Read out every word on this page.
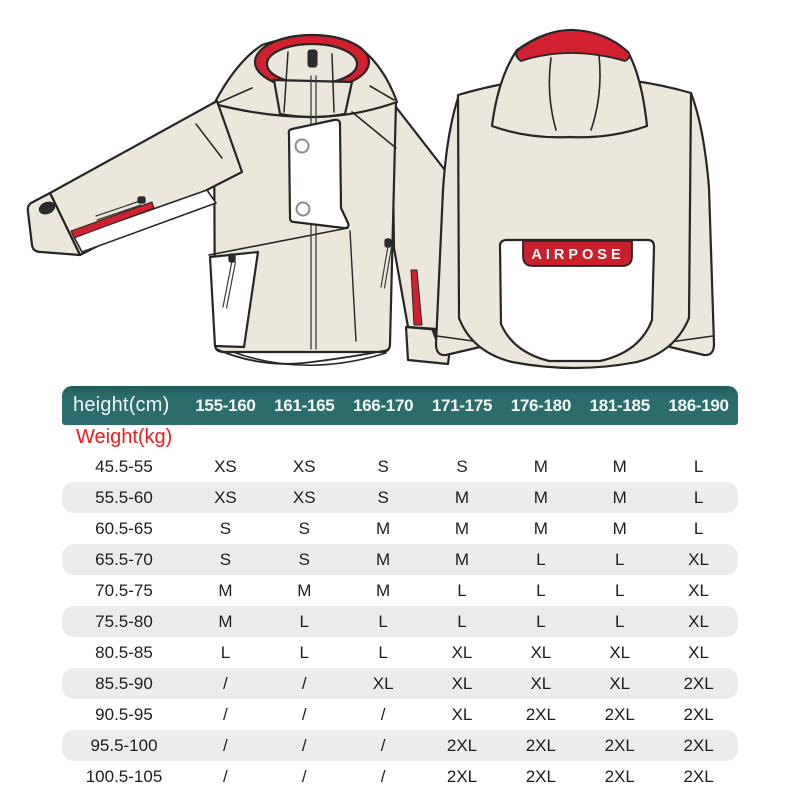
AIRPOSE
height(cm)	155-160	161-165	166-170	171-175	176-180	181-185	186-190
Weight(kg)
45.5-55	XS	XS	S	S	M	M	L
55.5-60	XS	XS	S	M	M	M	L
60.5-65	S	S	M	M	M	M	L
65.5-70	S	S	M	M	L	L	XL
70.5-75	M	M	M	L	L	L	XL
75.5-80	M	L	L	L	L	L	XL
80.5-85	L	L	L	XL	XL	XL	XL
85.5-90	/	/	XL	XL	XL	XL	2XL
90.5-95	/	/	/	XL	2XL	2XL	2XL
95.5-100	/	/	/	2XL	2XL	2XL	2XL
100.5-105	/	/	/	2XL	2XL	2XL	2XL
